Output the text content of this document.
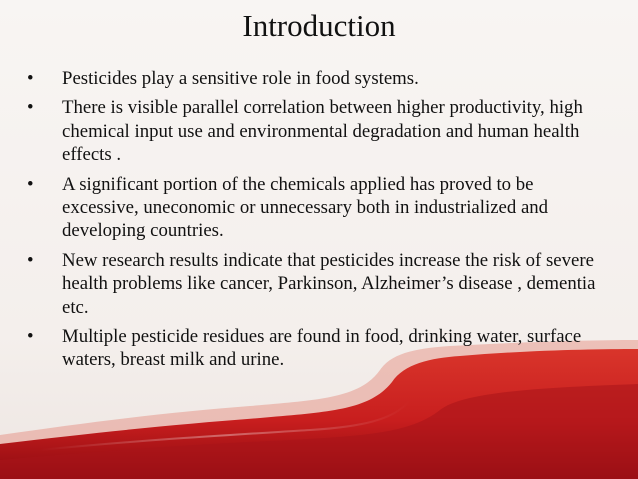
Introduction
•	Pesticides play a sensitive role in food systems.
•	There is visible parallel correlation between higher productivity, high chemical input use and environmental degradation and human health effects .
•	A significant portion of the chemicals applied has proved to be excessive, uneconomic or unnecessary both in industrialized and developing countries.
•	New research results indicate that pesticides increase the risk of severe health problems like cancer, Parkinson, Alzheimer’s disease , dementia etc.
•	Multiple pesticide residues are found in food, drinking water, surface waters, breast milk and urine.
